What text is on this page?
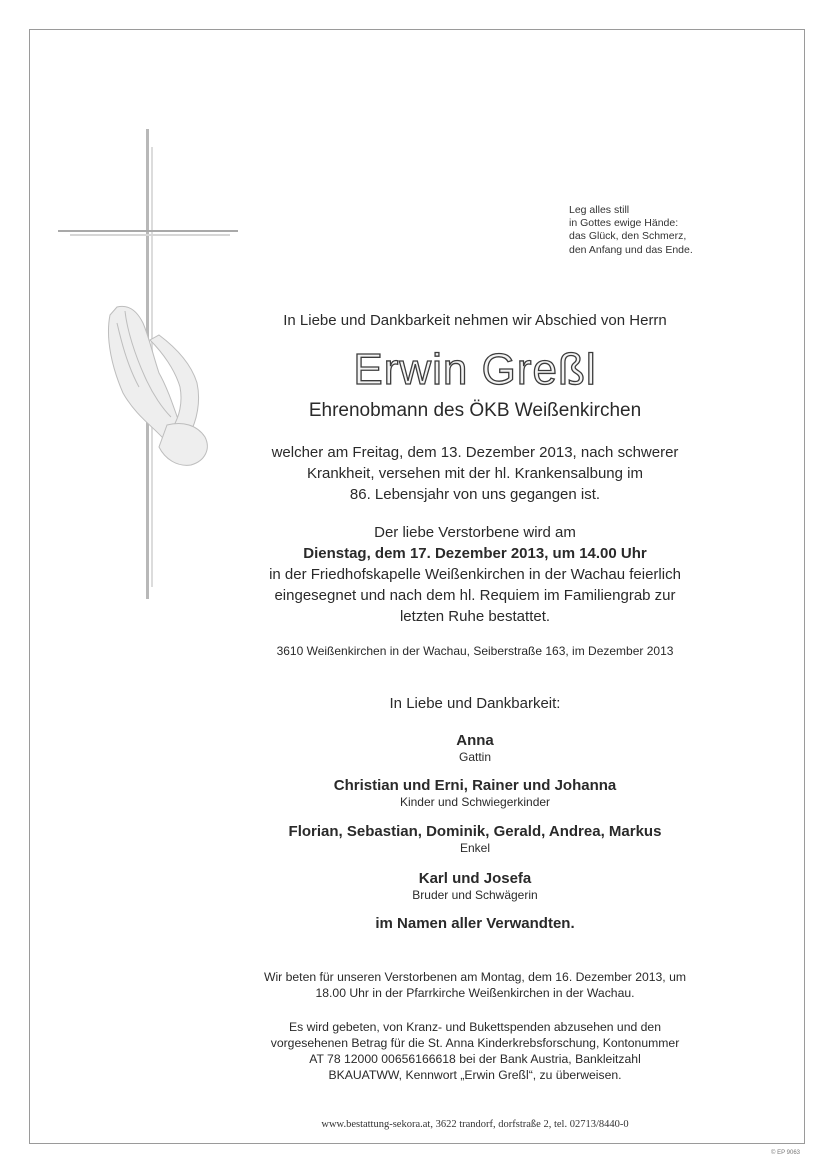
Leg alles still
in Gottes ewige Hände:
das Glück, den Schmerz,
den Anfang und das Ende.
In Liebe und Dankbarkeit nehmen wir Abschied von Herrn
Erwin Greßl
Ehrenobmann des ÖKB Weißenkirchen
welcher am Freitag, dem 13. Dezember 2013, nach schwerer
Krankheit, versehen mit der hl. Krankensalbung im
86. Lebensjahr von uns gegangen ist.
Der liebe Verstorbene wird am
Dienstag, dem 17. Dezember 2013, um 14.00 Uhr
in der Friedhofskapelle Weißenkirchen in der Wachau feierlich
eingesegnet und nach dem hl. Requiem im Familiengrab zur
letzten Ruhe bestattet.
3610 Weißenkirchen in der Wachau, Seiberstraße 163, im Dezember 2013
In Liebe und Dankbarkeit:
Anna
Gattin
Christian und Erni, Rainer und Johanna
Kinder und Schwiegerkinder
Florian, Sebastian, Dominik, Gerald, Andrea, Markus
Enkel
Karl und Josefa
Bruder und Schwägerin
im Namen aller Verwandten.
Wir beten für unseren Verstorbenen am Montag, dem 16. Dezember 2013, um
18.00 Uhr in der Pfarrkirche Weißenkirchen in der Wachau.
Es wird gebeten, von Kranz- und Bukettspenden abzusehen und den
vorgesehenen Betrag für die St. Anna Kinderkrebsforschung, Kontonummer
AT 78 12000 00656166618 bei der Bank Austria, Bankleitzahl
BKAUATWW, Kennwort „Erwin Greßl“, zu überweisen.
www.bestattung-sekora.at, 3622 trandorf, dorfstraße 2, tel. 02713/8440-0
© EP 9063
